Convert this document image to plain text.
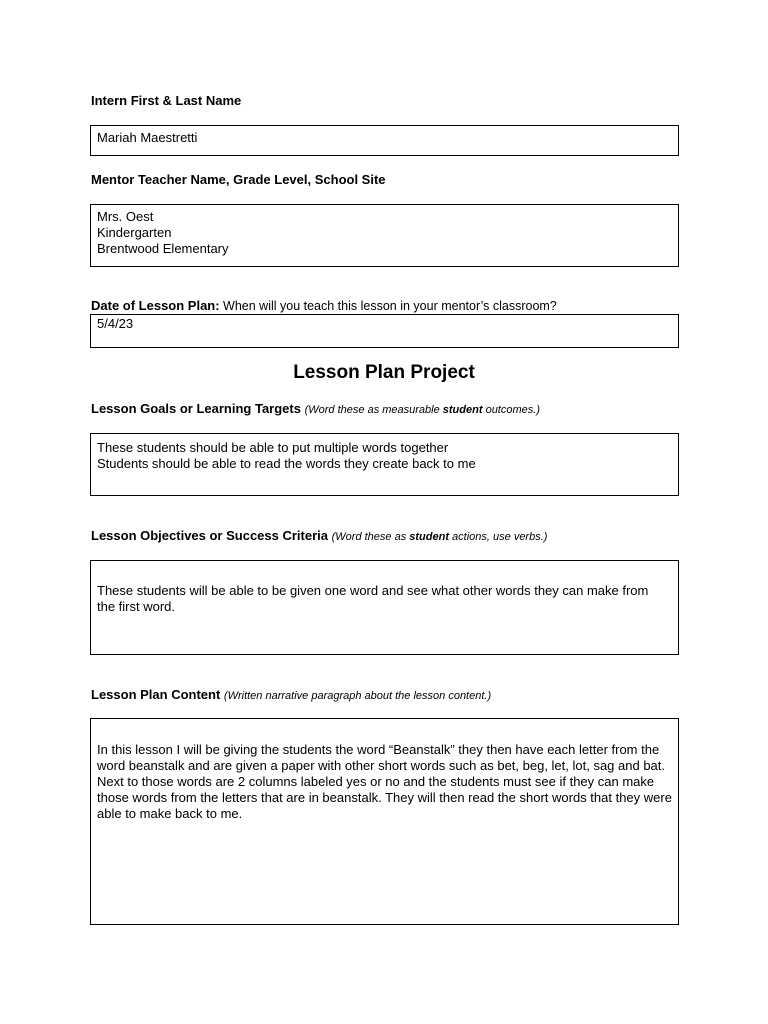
Intern First & Last Name
Mariah Maestretti
Mentor Teacher Name, Grade Level, School Site
Mrs. Oest
Kindergarten
Brentwood Elementary
Date of Lesson Plan: When will you teach this lesson in your mentor’s classroom?
5/4/23
Lesson Plan Project
Lesson Goals or Learning Targets (Word these as measurable student outcomes.)
These students should be able to put multiple words together
Students should be able to read the words they create back to me
Lesson Objectives or Success Criteria (Word these as student actions, use verbs.)
These students will be able to be given one word and see what other words they can make from the first word.
Lesson Plan Content (Written narrative paragraph about the lesson content.)
In this lesson I will be giving the students the word “Beanstalk” they then have each letter from the word beanstalk and are given a paper with other short words such as bet, beg, let, lot, sag and bat. Next to those words are 2 columns labeled yes or no and the students must see if they can make those words from the letters that are in beanstalk. They will then read the short words that they were able to make back to me.
